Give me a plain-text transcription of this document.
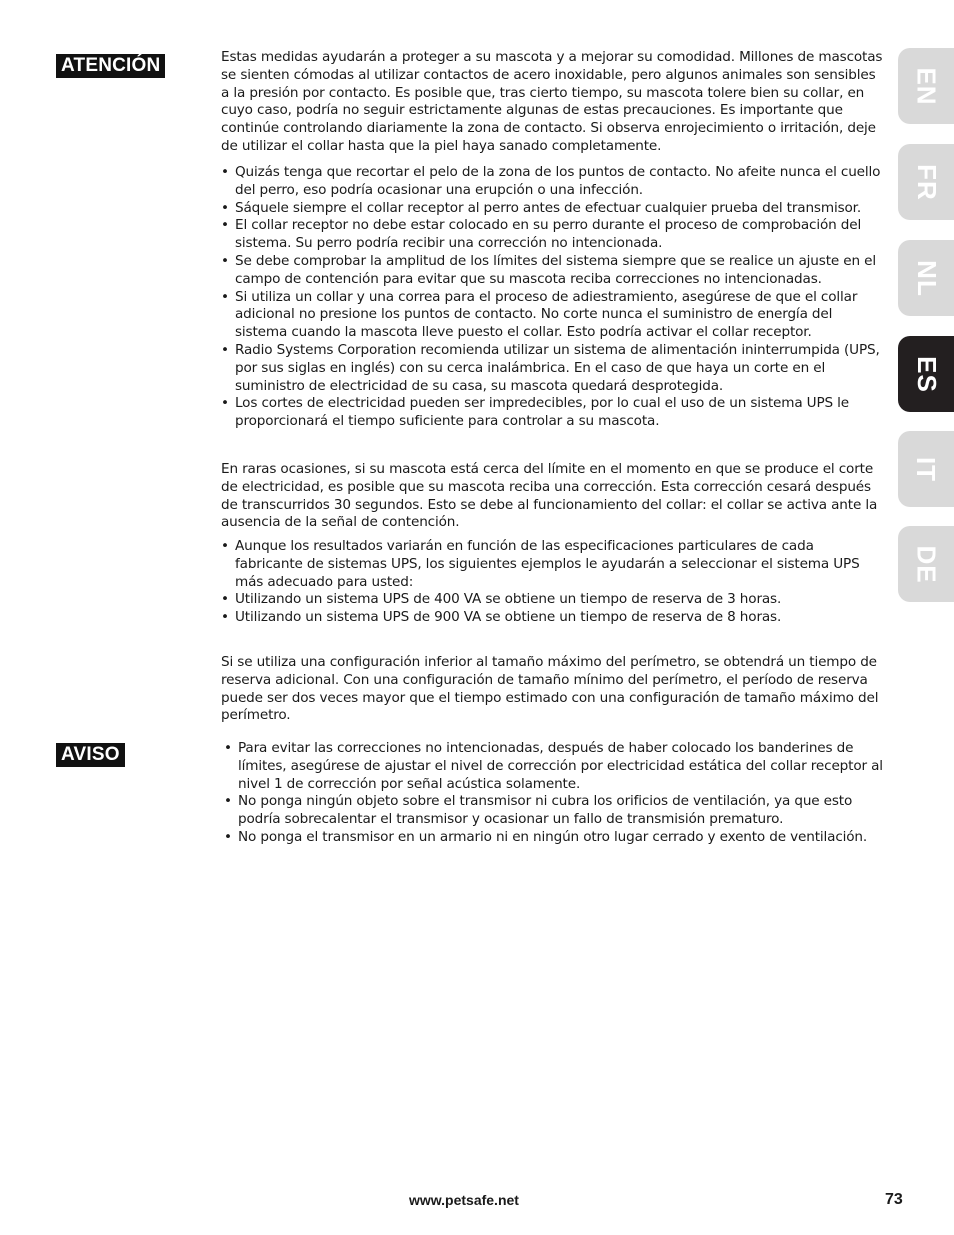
ATENCIÓN
AVISO

Estas medidas ayudarán a proteger a su mascota y a mejorar su comodidad. Millones de mascotas se sienten cómodas al utilizar contactos de acero inoxidable, pero algunos animales son sensibles a la presión por contacto. Es posible que, tras cierto tiempo, su mascota tolere bien su collar, en cuyo caso, podría no seguir estrictamente algunas de estas precauciones. Es importante que continúe controlando diariamente la zona de contacto. Si observa enrojecimiento o irritación, deje de utilizar el collar hasta que la piel haya sanado completamente.

• Quizás tenga que recortar el pelo de la zona de los puntos de contacto. No afeite nunca el cuello del perro, eso podría ocasionar una erupción o una infección.
• Sáquele siempre el collar receptor al perro antes de efectuar cualquier prueba del transmisor.
• El collar receptor no debe estar colocado en su perro durante el proceso de comprobación del sistema. Su perro podría recibir una corrección no intencionada.
• Se debe comprobar la amplitud de los límites del sistema siempre que se realice un ajuste en el campo de contención para evitar que su mascota reciba correcciones no intencionadas.
• Si utiliza un collar y una correa para el proceso de adiestramiento, asegúrese de que el collar adicional no presione los puntos de contacto. No corte nunca el suministro de energía del sistema cuando la mascota lleve puesto el collar. Esto podría activar el collar receptor.
• Radio Systems Corporation recomienda utilizar un sistema de alimentación ininterrumpida (UPS, por sus siglas en inglés) con su cerca inalámbrica. En el caso de que haya un corte en el suministro de electricidad de su casa, su mascota quedará desprotegida.
• Los cortes de electricidad pueden ser impredecibles, por lo cual el uso de un sistema UPS le proporcionará el tiempo suficiente para controlar a su mascota.

En raras ocasiones, si su mascota está cerca del límite en el momento en que se produce el corte de electricidad, es posible que su mascota reciba una corrección. Esta corrección cesará después de transcurridos 30 segundos. Esto se debe al funcionamiento del collar: el collar se activa ante la ausencia de la señal de contención.

• Aunque los resultados variarán en función de las especificaciones particulares de cada fabricante de sistemas UPS, los siguientes ejemplos le ayudarán a seleccionar el sistema UPS más adecuado para usted:
• Utilizando un sistema UPS de 400 VA se obtiene un tiempo de reserva de 3 horas.
• Utilizando un sistema UPS de 900 VA se obtiene un tiempo de reserva de 8 horas.

Si se utiliza una configuración inferior al tamaño máximo del perímetro, se obtendrá un tiempo de reserva adicional. Con una configuración de tamaño mínimo del perímetro, el período de reserva puede ser dos veces mayor que el tiempo estimado con una configuración de tamaño máximo del perímetro.

• Para evitar las correcciones no intencionadas, después de haber colocado los banderines de límites, asegúrese de ajustar el nivel de corrección por electricidad estática del collar receptor al nivel 1 de corrección por señal acústica solamente.
• No ponga ningún objeto sobre el transmisor ni cubra los orificios de ventilación, ya que esto podría sobrecalentar el transmisor y ocasionar un fallo de transmisión prematuro.
• No ponga el transmisor en un armario ni en ningún otro lugar cerrado y exento de ventilación.
EN
FR
NL
ES
IT
DE
www.petsafe.net	73
